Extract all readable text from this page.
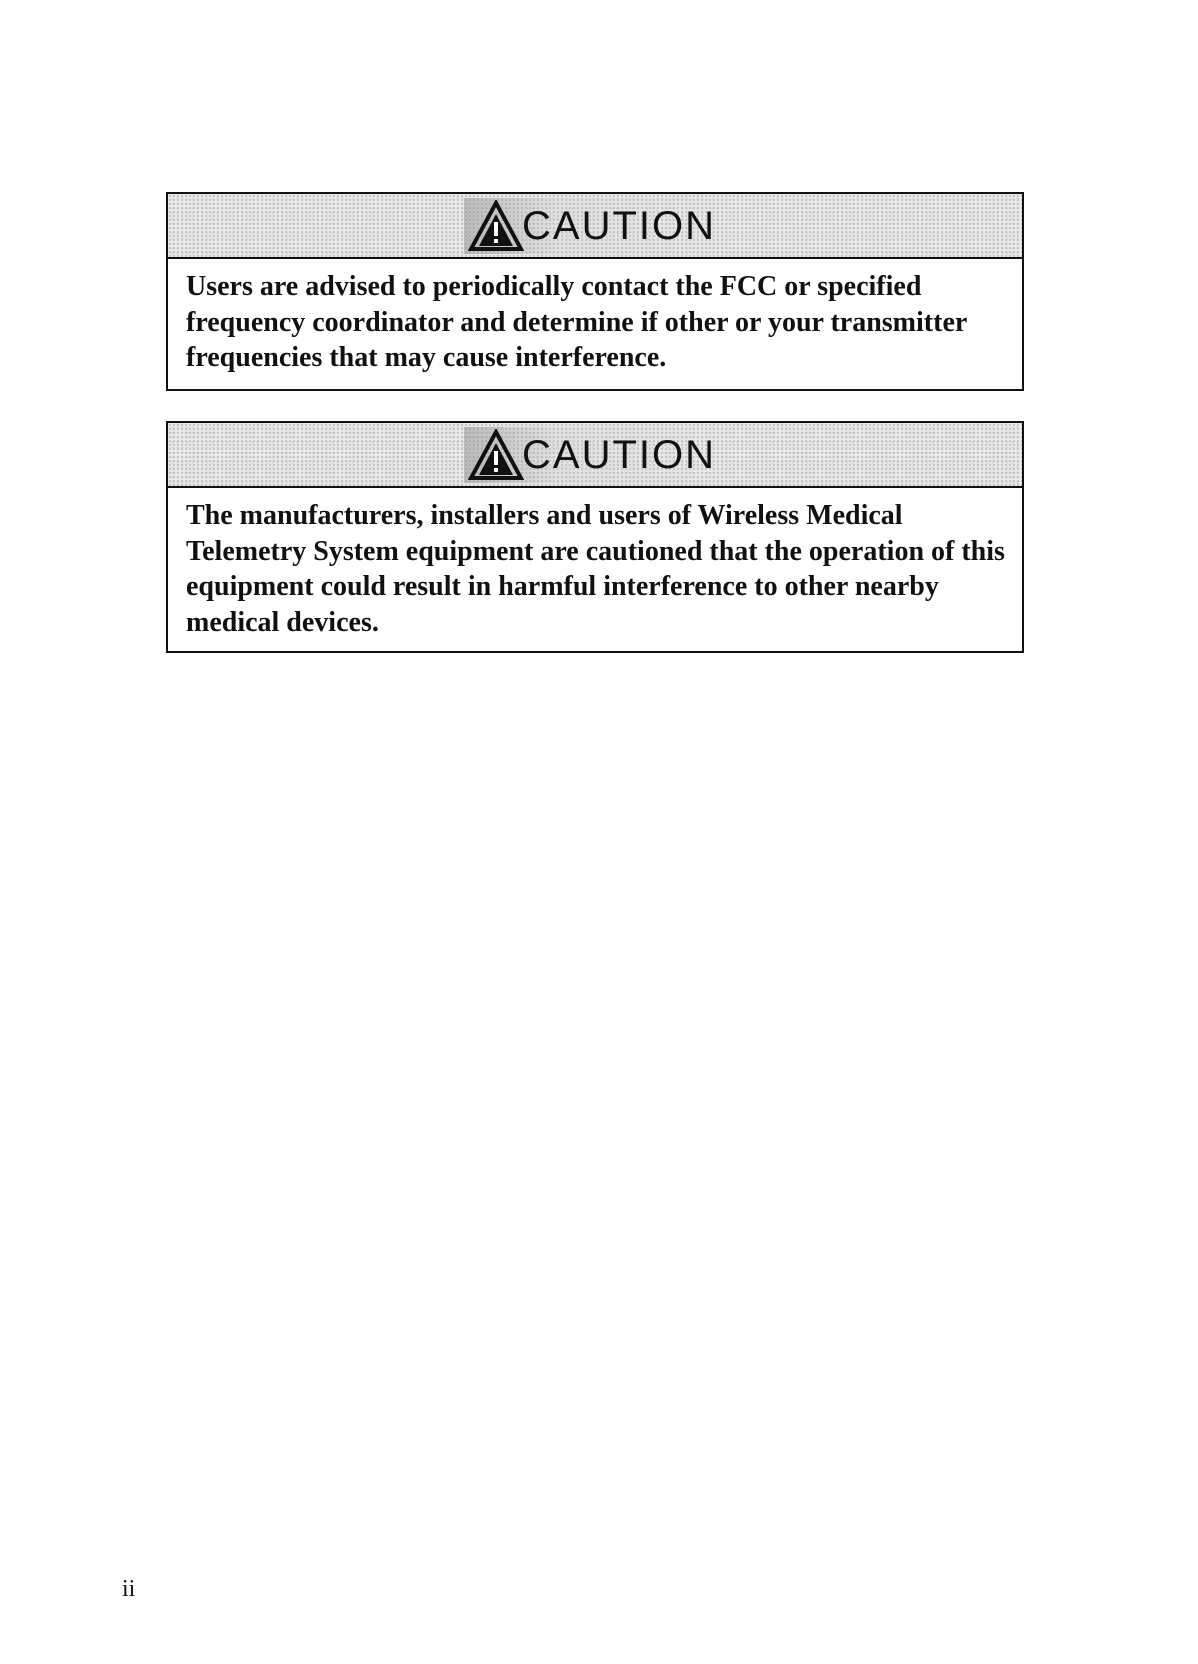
CAUTION
Users are advised to periodically contact the FCC or specified frequency coordinator and determine if other or your transmitter frequencies that may cause interference.
CAUTION
The manufacturers, installers and users of Wireless Medical Telemetry System equipment are cautioned that the operation of this equipment could result in harmful interference to other nearby medical devices.
ii
